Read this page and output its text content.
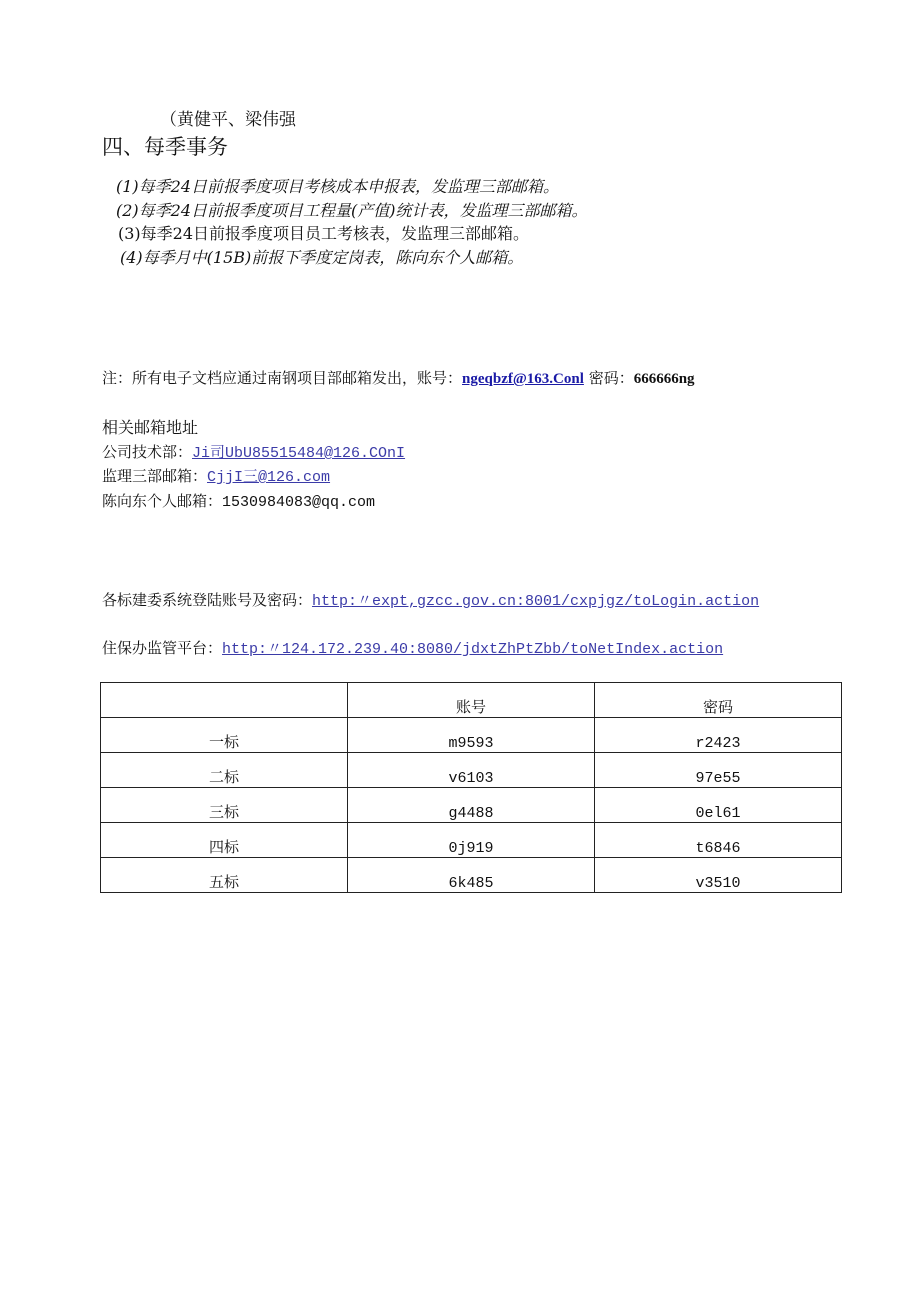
（黄健平、梁伟强
四、每季事务
(1)每季24日前报季度项目考核成本申报表，发监理三部邮箱。
(2)每季24日前报季度项目工程量(产值)统计表，发监理三部邮箱。
(3)每季24日前报季度项目员工考核表，发监理三部邮箱。
(4)每季月中(15B)前报下季度定岗表，陈向东个人邮箱。
注：所有电子文档应通过南钢项目部邮箱发出，账号：ngeqbzf@163.Conl 密码：666666ng
相关邮箱地址
公司技术部：Ji司UbU85515484@126.COnI
监理三部邮箱：CjjI三@126.com
陈向东个人邮箱：1530984083@qq.com
各标建委系统登陆账号及密码：http:〃expt,gzcc.gov.cn:8001/cxpjgz/toLogin.action
住保办监管平台：http:〃124.172.239.40:8080/jdxtZhPtZbb/toNetIndex.action
	账号	密码
一标	m9593	r2423
二标	v6103	97e55
三标	g4488	0el61
四标	0j919	t6846
五标	6k485	v3510
